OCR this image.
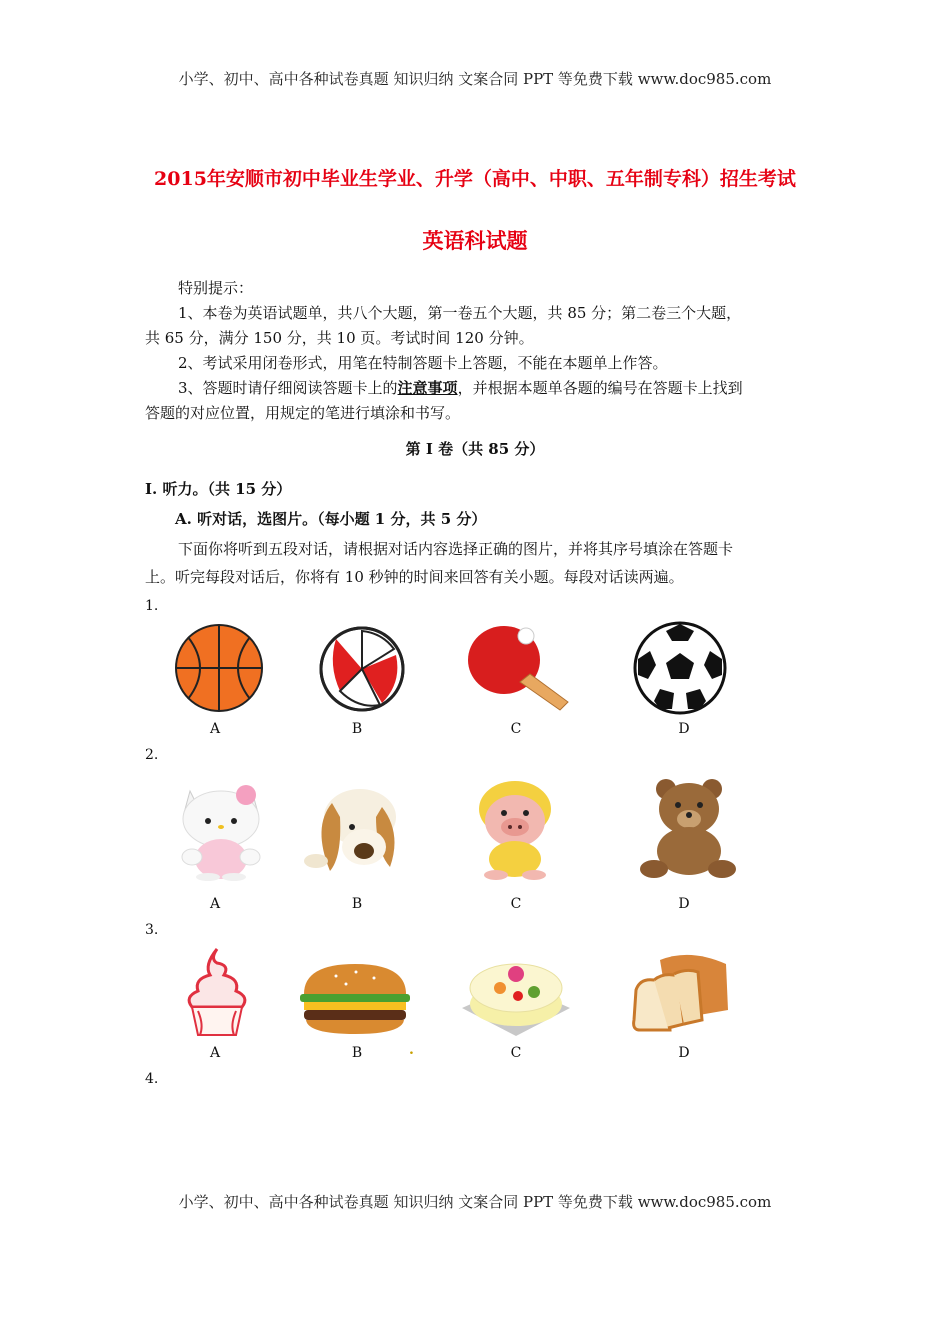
小学、初中、高中各种试卷真题 知识归纳 文案合同 PPT 等免费下载 www.doc985.com
2015年安顺市初中毕业生学业、升学（高中、中职、五年制专科）招生考试
英语科试题
特别提示：
1、本卷为英语试题单，共八个大题，第一卷五个大题，共 85 分；第二卷三个大题，
共 65 分，满分 150 分，共 10 页。考试时间 120 分钟。
2、考试采用闭卷形式，用笔在特制答题卡上答题，不能在本题单上作答。
3、答题时请仔细阅读答题卡上的注意事项，并根据本题单各题的编号在答题卡上找到
答题的对应位置，用规定的笔进行填涂和书写。
第 I 卷（共 85 分）
I. 听力。（共 15 分）
A. 听对话，选图片。（每小题 1 分，共 5 分）
下面你将听到五段对话，请根据对话内容选择正确的图片，并将其序号填涂在答题卡
上。听完每段对话后，你将有 10 秒钟的时间来回答有关小题。每段对话读两遍。
1.
A	B	C	D
2.
A	B	C	D
3.
A	B	.	C	D
4.
小学、初中、高中各种试卷真题 知识归纳 文案合同 PPT 等免费下载 www.doc985.com
